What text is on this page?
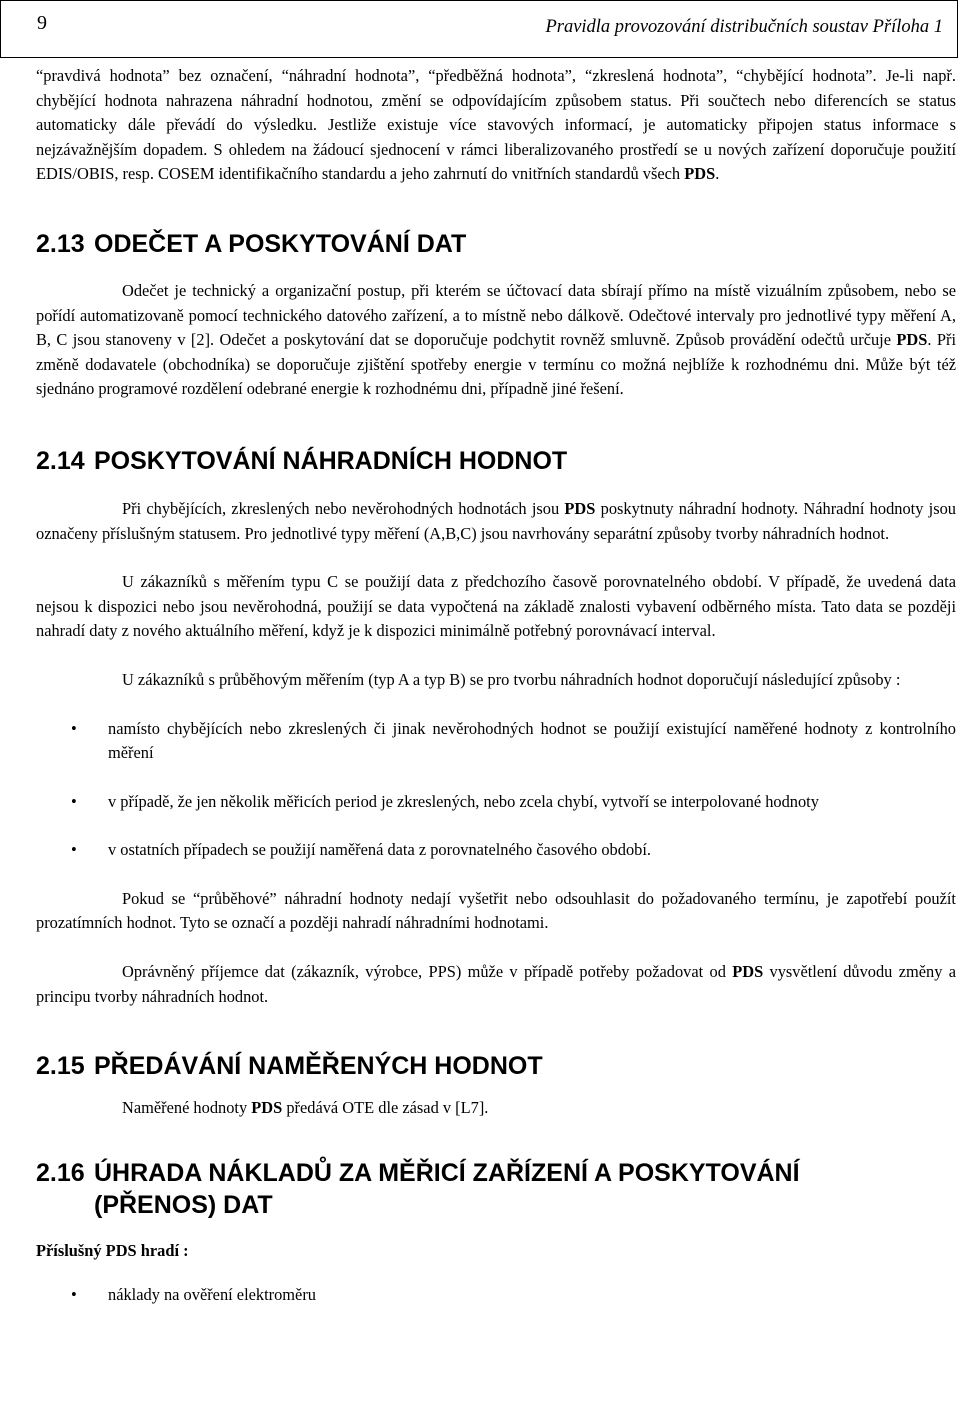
9	Pravidla provozování distribučních soustav Příloha 1

“pravdivá hodnota” bez označení, “náhradní hodnota”, “předběžná hodnota”, “zkreslená hodnota”, “chybějící hodnota”. Je-li např. chybějící hodnota nahrazena náhradní hodnotou, změní se odpovídajícím způsobem status. Při součtech nebo diferencích se status automaticky dále převádí do výsledku. Jestliže existuje více stavových informací, je automaticky připojen status informace s nejzávažnějším dopadem. S ohledem na žádoucí sjednocení v rámci liberalizovaného prostředí se u nových zařízení doporučuje použití EDIS/OBIS, resp. COSEM identifikačního standardu a jeho zahrnutí do vnitřních standardů všech PDS.

2.13 ODEČET A POSKYTOVÁNÍ DAT

Odečet je technický a organizační postup, při kterém se účtovací data sbírají přímo na místě vizuálním způsobem, nebo se pořídí automatizovaně pomocí technického datového zařízení, a to místně nebo dálkově. Odečtové intervaly pro jednotlivé typy měření A, B, C jsou stanoveny v [2]. Odečet a poskytování dat se doporučuje podchytit rovněž smluvně. Způsob provádění odečtů určuje PDS. Při změně dodavatele (obchodníka) se doporučuje zjištění spotřeby energie v termínu co možná nejblíže k rozhodnému dni. Může být též sjednáno programové rozdělení odebrané energie k rozhodnému dni, případně jiné řešení.

2.14 POSKYTOVÁNÍ NÁHRADNÍCH HODNOT

Při chybějících, zkreslených nebo nevěrohodných hodnotách jsou PDS poskytnuty náhradní hodnoty. Náhradní hodnoty jsou označeny příslušným statusem. Pro jednotlivé typy měření (A,B,C) jsou navrhovány separátní způsoby tvorby náhradních hodnot.

U zákazníků s měřením typu C se použijí data z předchozího časově porovnatelného období. V případě, že uvedená data nejsou k dispozici nebo jsou nevěrohodná, použijí se data vypočtená na základě znalosti vybavení odběrného místa. Tato data se později nahradí daty z nového aktuálního měření, když je k dispozici minimálně potřebný porovnávací interval.

U zákazníků s průběhovým měřením (typ A a typ B) se pro tvorbu náhradních hodnot doporučují následující způsoby :

• namísto chybějících nebo zkreslených či jinak nevěrohodných hodnot se použijí existující naměřené hodnoty z kontrolního měření
• v případě, že jen několik měřicích period je zkreslených, nebo zcela chybí, vytvoří se interpolované hodnoty
• v ostatních případech se použijí naměřená data z porovnatelného časového období.

Pokud se “průběhové” náhradní hodnoty nedají vyšetřit nebo odsouhlasit do požadovaného termínu, je zapotřebí použít prozatímních hodnot. Tyto se označí a později nahradí náhradními hodnotami.

Oprávněný příjemce dat (zákazník, výrobce, PPS) může v případě potřeby požadovat od PDS vysvětlení důvodu změny a principu tvorby náhradních hodnot.

2.15 PŘEDÁVÁNÍ NAMĚŘENÝCH HODNOT

Naměřené hodnoty PDS předává OTE dle zásad v [L7].

2.16 ÚHRADA NÁKLADŮ ZA MĚŘICÍ ZAŘÍZENÍ A POSKYTOVÁNÍ
(PŘENOS) DAT
Příslušný PDS hradí :
• náklady na ověření elektroměru
